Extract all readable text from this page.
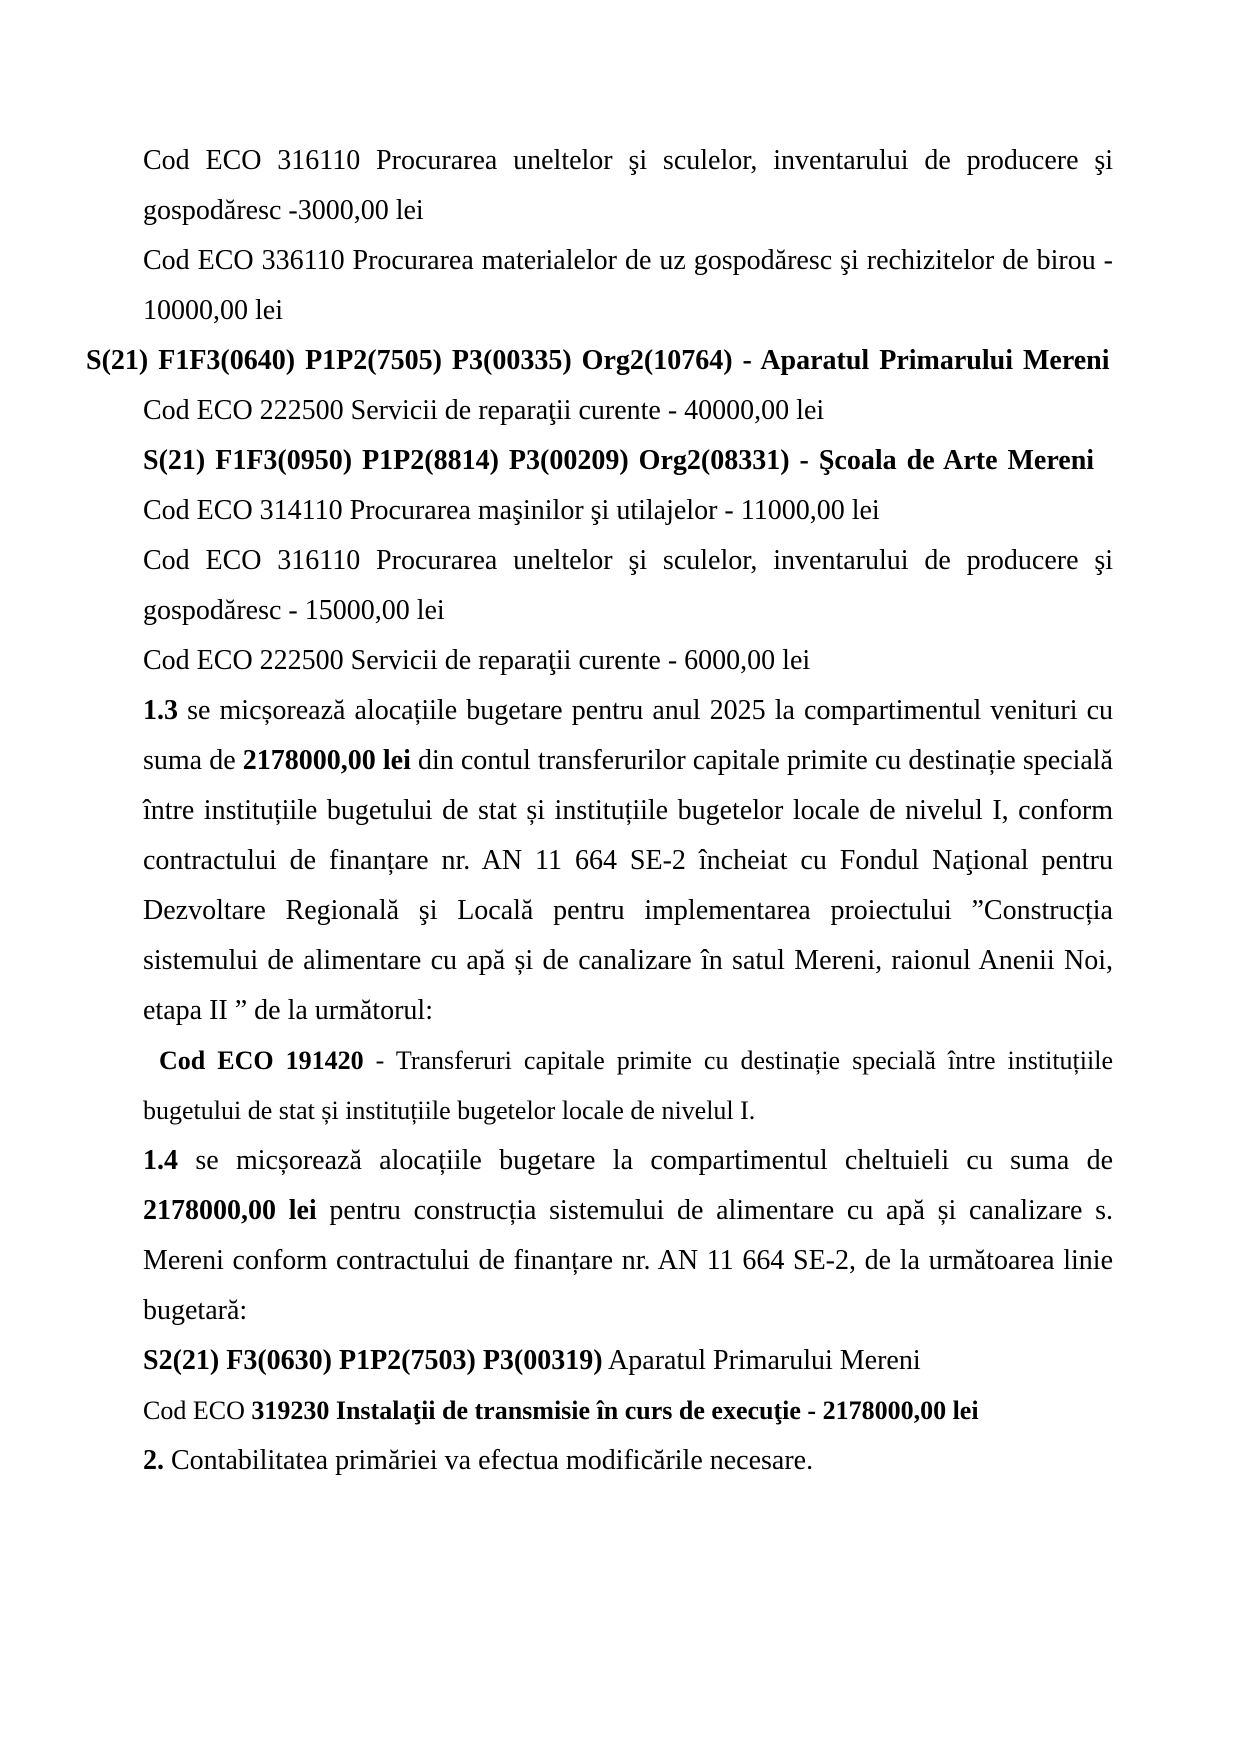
Cod ECO 316110 Procurarea uneltelor şi sculelor, inventarului de producere şi gospodăresc -3000,00 lei

Cod ECO 336110 Procurarea materialelor de uz gospodăresc şi rechizitelor de birou - 10000,00 lei

S(21) F1F3(0640) P1P2(7505) P3(00335) Org2(10764) - Aparatul Primarului Mereni

Cod ECO 222500 Servicii de reparaţii curente - 40000,00 lei

S(21) F1F3(0950) P1P2(8814) P3(00209) Org2(08331) - Şcoala de Arte Mereni

Cod ECO 314110 Procurarea maşinilor şi utilajelor - 11000,00 lei

Cod ECO 316110 Procurarea uneltelor şi sculelor, inventarului de producere şi gospodăresc - 15000,00 lei

Cod ECO 222500 Servicii de reparaţii curente - 6000,00 lei

1.3 se micșorează alocațiile bugetare pentru anul 2025 la compartimentul venituri cu suma de 2178000,00 lei din contul transferurilor capitale primite cu destinație specială între instituțiile bugetului de stat și instituțiile bugetelor locale de nivelul I, conform contractului de finanțare nr. AN 11 664 SE-2 încheiat cu Fondul Naţional pentru Dezvoltare Regională şi Locală pentru implementarea proiectului ”Construcția sistemului de alimentare cu apă și de canalizare în satul Mereni, raionul Anenii Noi, etapa II ” de la următorul:

Cod ECO 191420 - Transferuri capitale primite cu destinație specială între instituțiile bugetului de stat și instituțiile bugetelor locale de nivelul I.

1.4 se micșorează alocațiile bugetare la compartimentul cheltuieli cu suma de 2178000,00 lei pentru construcția sistemului de alimentare cu apă și canalizare s. Mereni conform contractului de finanțare nr. AN 11 664 SE-2, de la următoarea linie bugetară:

S2(21) F3(0630) P1P2(7503) P3(00319) Aparatul Primarului Mereni

Cod ECO 319230 Instalaţii de transmisie în curs de execuţie - 2178000,00 lei

2. Contabilitatea primăriei va efectua modificările necesare.
